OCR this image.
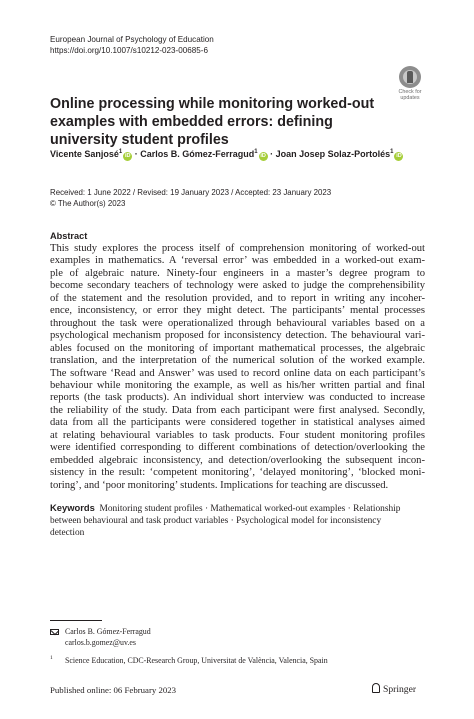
European Journal of Psychology of Education
https://doi.org/10.1007/s10212-023-00685-6
Check for
updates
Online processing while monitoring worked-out examples with embedded errors: defining university student profiles
Vicente Sanjosé$^1$iD · Carlos B. Gómez-Ferragud$^1$iD · Joan Josep Solaz-Portolés$^1$iD
Received: 1 June 2022 / Revised: 19 January 2023 / Accepted: 23 January 2023
© The Author(s) 2023
Abstract
This study explores the process itself of comprehension monitoring of worked-out
examples in mathematics. A ‘reversal error’ was embedded in a worked-out exam-
ple of algebraic nature. Ninety-four engineers in a master’s degree program to
become secondary teachers of technology were asked to judge the comprehensibility
of the statement and the resolution provided, and to report in writing any incoher-
ence, inconsistency, or error they might detect. The participants’ mental processes
throughout the task were operationalized through behavioural variables based on a
psychological mechanism proposed for inconsistency detection. The behavioural vari-
ables focused on the monitoring of important mathematical processes, the algebraic
translation, and the interpretation of the numerical solution of the worked example.
The software ‘Read and Answer’ was used to record online data on each participant’s
behaviour while monitoring the example, as well as his/her written partial and final
reports (the task products). An individual short interview was conducted to increase
the reliability of the study. Data from each participant were first analysed. Secondly,
data from all the participants were considered together in statistical analyses aimed
at relating behavioural variables to task products. Four student monitoring profiles
were identified corresponding to different combinations of detection/overlooking the
embedded algebraic inconsistency, and detection/overlooking the subsequent incon-
sistency in the result: ‘competent monitoring’, ‘delayed monitoring’, ‘blocked moni-
toring’, and ‘poor monitoring’ students. Implications for teaching are discussed.
Keywords Monitoring student profiles · Mathematical worked-out examples · Relationship
between behavioural and task product variables · Psychological model for inconsistency
detection
Carlos B. Gómez-Ferragud
carlos.b.gomez@uv.es
1 Science Education, CDC-Research Group, Universitat de València, Valencia, Spain
Published online: 06 February 2023	Springer
